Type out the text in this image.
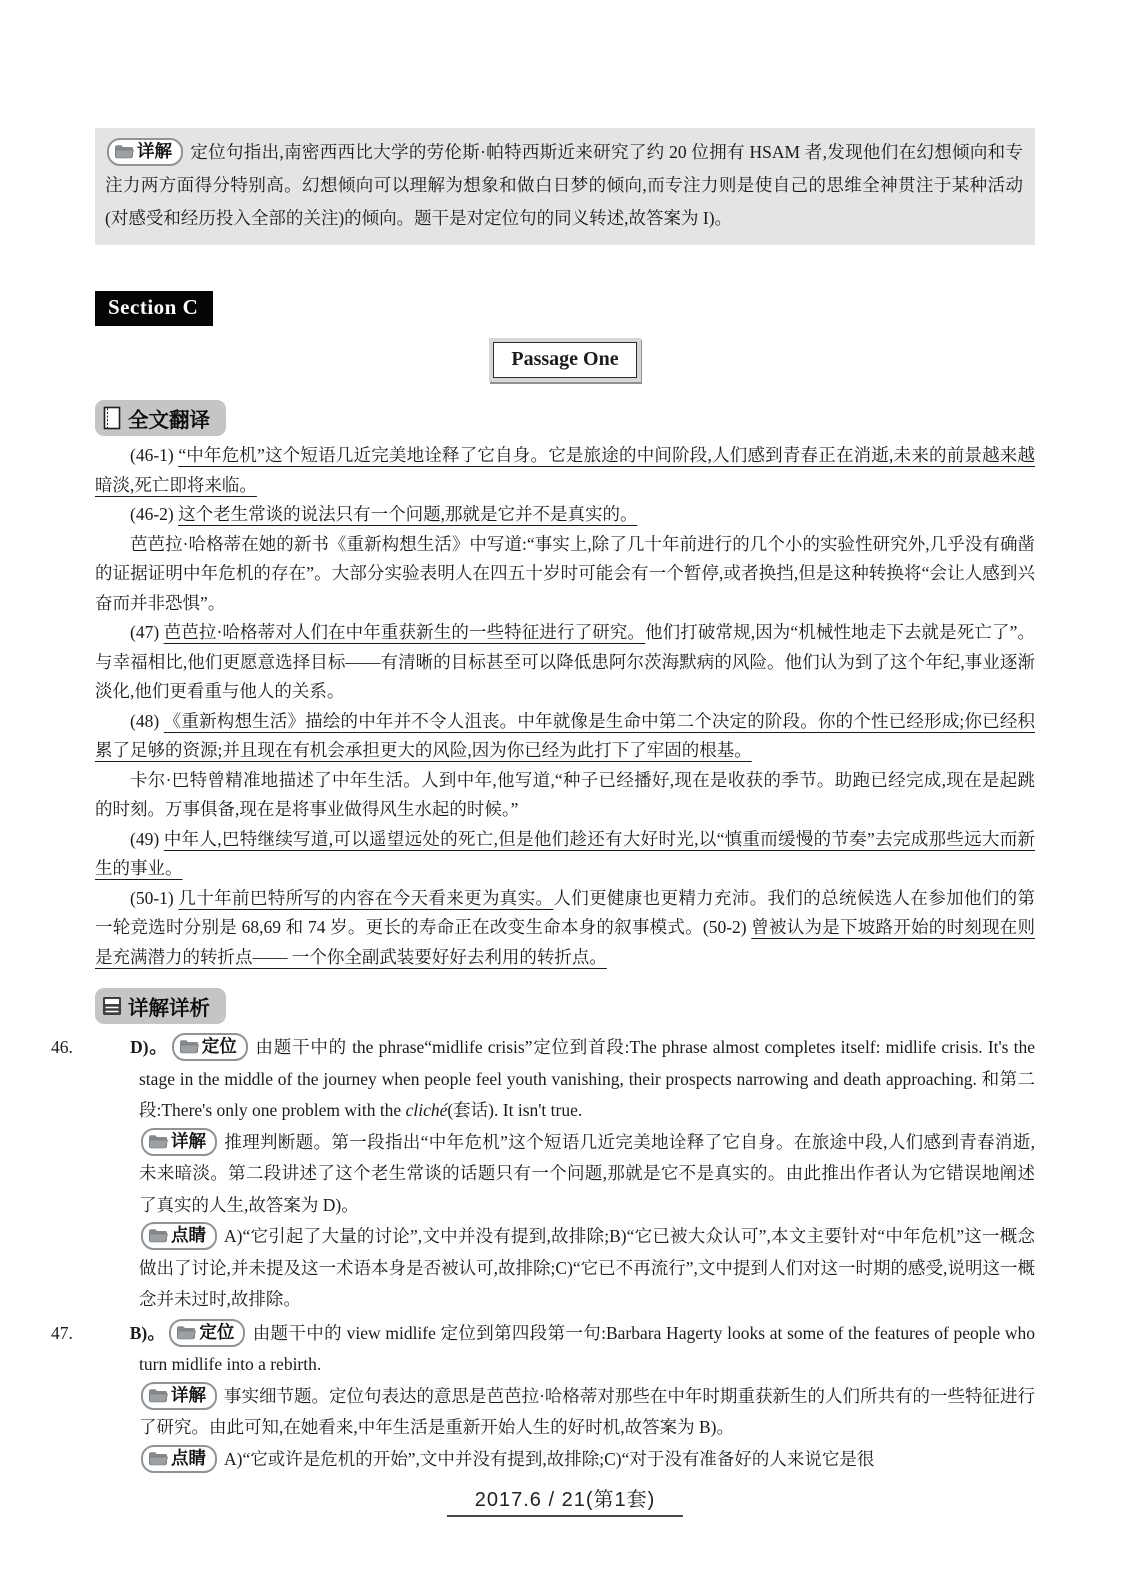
详解 定位句指出,南密西西比大学的劳伦斯·帕特西斯近来研究了约 20 位拥有 HSAM 者,发现他们在幻想倾向和专注力两方面得分特别高。幻想倾向可以理解为想象和做白日梦的倾向,而专注力则是使自己的思维全神贯注于某种活动(对感受和经历投入全部的关注)的倾向。题干是对定位句的同义转述,故答案为 I)。
Section C
Passage One
全文翻译

(46-1) “中年危机”这个短语几近完美地诠释了它自身。它是旅途的中间阶段,人们感到青春正在消逝,未来的前景越来越暗淡,死亡即将来临。

(46-2) 这个老生常谈的说法只有一个问题,那就是它并不是真实的。

芭芭拉·哈格蒂在她的新书《重新构想生活》中写道:“事实上,除了几十年前进行的几个小的实验性研究外,几乎没有确凿的证据证明中年危机的存在”。大部分实验表明人在四五十岁时可能会有一个暂停,或者换挡,但是这种转换将“会让人感到兴奋而并非恐惧”。

(47) 芭芭拉·哈格蒂对人们在中年重获新生的一些特征进行了研究。他们打破常规,因为“机械性地走下去就是死亡了”。与幸福相比,他们更愿意选择目标——有清晰的目标甚至可以降低患阿尔茨海默病的风险。他们认为到了这个年纪,事业逐渐淡化,他们更看重与他人的关系。

(48) 《重新构想生活》描绘的中年并不令人沮丧。中年就像是生命中第二个决定的阶段。你的个性已经形成;你已经积累了足够的资源;并且现在有机会承担更大的风险,因为你已经为此打下了牢固的根基。

卡尔·巴特曾精准地描述了中年生活。人到中年,他写道,“种子已经播好,现在是收获的季节。助跑已经完成,现在是起跳的时刻。万事俱备,现在是将事业做得风生水起的时候。”

(49) 中年人,巴特继续写道,可以遥望远处的死亡,但是他们趁还有大好时光,以“慎重而缓慢的节奏”去完成那些远大而新生的事业。

(50-1) 几十年前巴特所写的内容在今天看来更为真实。人们更健康也更精力充沛。我们的总统候选人在参加他们的第一轮竞选时分别是 68,69 和 74 岁。更长的寿命正在改变生命本身的叙事模式。(50-2) 曾被认为是下坡路开始的时刻现在则是充满潜力的转折点—— 一个你全副武装要好好去利用的转折点。

详解详析
46.	D)。 定位 由题干中的 the phrase“midlife crisis”定位到首段:The phrase almost completes itself: midlife crisis. It's the stage in the middle of the journey when people feel youth vanishing, their prospects narrowing and death approaching. 和第二段:There's only one problem with the cliché(套话). It isn't true.
详解 推理判断题。第一段指出“中年危机”这个短语几近完美地诠释了它自身。在旅途中段,人们感到青春消逝,未来暗淡。第二段讲述了这个老生常谈的话题只有一个问题,那就是它不是真实的。由此推出作者认为它错误地阐述了真实的人生,故答案为 D)。
点睛 A)“它引起了大量的讨论”,文中并没有提到,故排除;B)“它已被大众认可”,本文主要针对“中年危机”这一概念做出了讨论,并未提及这一术语本身是否被认可,故排除;C)“它已不再流行”,文中提到人们对这一时期的感受,说明这一概念并未过时,故排除。
47.	B)。 定位 由题干中的 view midlife 定位到第四段第一句:Barbara Hagerty looks at some of the features of people who turn midlife into a rebirth.
详解 事实细节题。定位句表达的意思是芭芭拉·哈格蒂对那些在中年时期重获新生的人们所共有的一些特征进行了研究。由此可知,在她看来,中年生活是重新开始人生的好时机,故答案为 B)。
点睛 A)“它或许是危机的开始”,文中并没有提到,故排除;C)“对于没有准备好的人来说它是很
2017.6 / 21(第1套)
